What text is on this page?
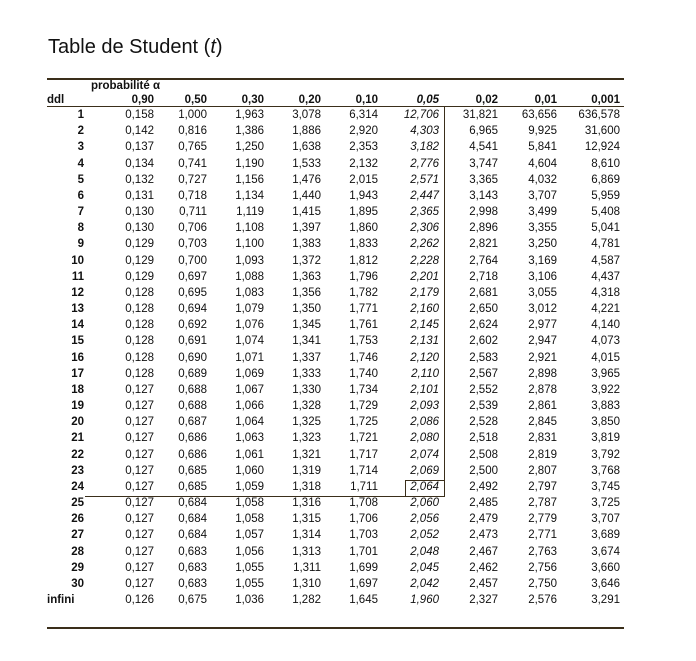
Table de Student (t)
probabilité α
ddl	0,90	0,50	0,30	0,20	0,10	0,05	0,02	0,01	0,001
1	0,158	1,000	1,963	3,078	6,314	12,706	31,821	63,656	636,578
2	0,142	0,816	1,386	1,886	2,920	4,303	6,965	9,925	31,600
3	0,137	0,765	1,250	1,638	2,353	3,182	4,541	5,841	12,924
4	0,134	0,741	1,190	1,533	2,132	2,776	3,747	4,604	8,610
5	0,132	0,727	1,156	1,476	2,015	2,571	3,365	4,032	6,869
6	0,131	0,718	1,134	1,440	1,943	2,447	3,143	3,707	5,959
7	0,130	0,711	1,119	1,415	1,895	2,365	2,998	3,499	5,408
8	0,130	0,706	1,108	1,397	1,860	2,306	2,896	3,355	5,041
9	0,129	0,703	1,100	1,383	1,833	2,262	2,821	3,250	4,781
10	0,129	0,700	1,093	1,372	1,812	2,228	2,764	3,169	4,587
11	0,129	0,697	1,088	1,363	1,796	2,201	2,718	3,106	4,437
12	0,128	0,695	1,083	1,356	1,782	2,179	2,681	3,055	4,318
13	0,128	0,694	1,079	1,350	1,771	2,160	2,650	3,012	4,221
14	0,128	0,692	1,076	1,345	1,761	2,145	2,624	2,977	4,140
15	0,128	0,691	1,074	1,341	1,753	2,131	2,602	2,947	4,073
16	0,128	0,690	1,071	1,337	1,746	2,120	2,583	2,921	4,015
17	0,128	0,689	1,069	1,333	1,740	2,110	2,567	2,898	3,965
18	0,127	0,688	1,067	1,330	1,734	2,101	2,552	2,878	3,922
19	0,127	0,688	1,066	1,328	1,729	2,093	2,539	2,861	3,883
20	0,127	0,687	1,064	1,325	1,725	2,086	2,528	2,845	3,850
21	0,127	0,686	1,063	1,323	1,721	2,080	2,518	2,831	3,819
22	0,127	0,686	1,061	1,321	1,717	2,074	2,508	2,819	3,792
23	0,127	0,685	1,060	1,319	1,714	2,069	2,500	2,807	3,768
24	0,127	0,685	1,059	1,318	1,711	2,064	2,492	2,797	3,745
25	0,127	0,684	1,058	1,316	1,708	2,060	2,485	2,787	3,725
26	0,127	0,684	1,058	1,315	1,706	2,056	2,479	2,779	3,707
27	0,127	0,684	1,057	1,314	1,703	2,052	2,473	2,771	3,689
28	0,127	0,683	1,056	1,313	1,701	2,048	2,467	2,763	3,674
29	0,127	0,683	1,055	1,311	1,699	2,045	2,462	2,756	3,660
30	0,127	0,683	1,055	1,310	1,697	2,042	2,457	2,750	3,646
infini	0,126	0,675	1,036	1,282	1,645	1,960	2,327	2,576	3,291
